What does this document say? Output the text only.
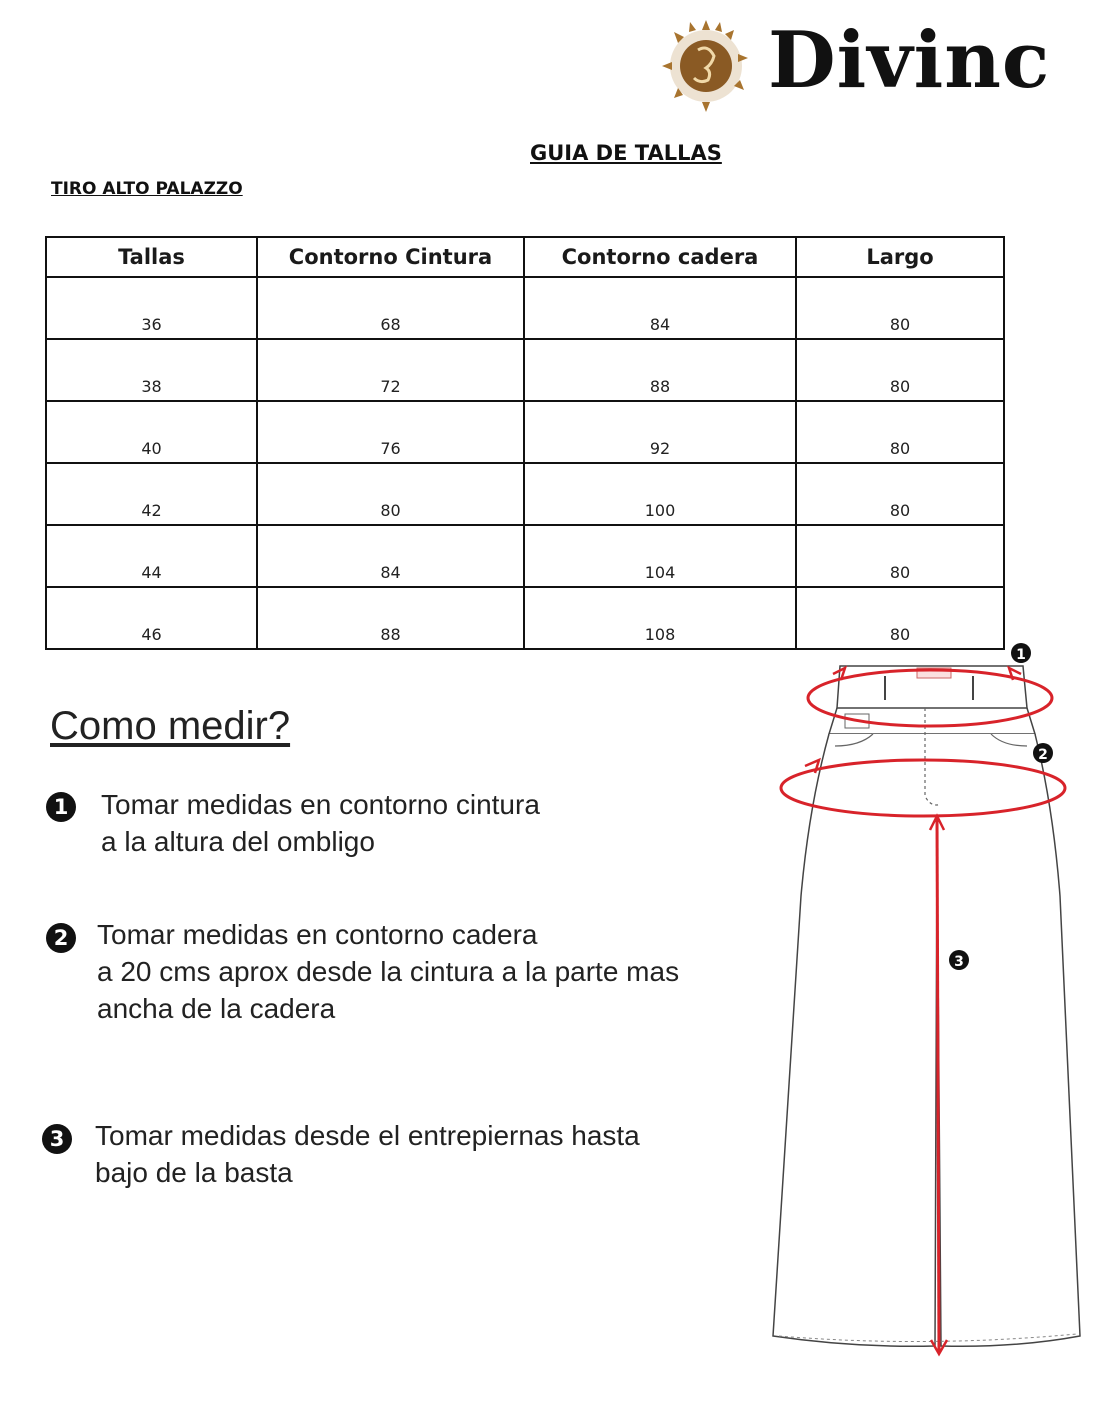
Divinc
GUIA DE TALLAS
TIRO ALTO PALAZZO
Tallas	Contorno Cintura	Contorno cadera	Largo
36	68	84	80
38	72	88	80
40	76	92	80
42	80	100	80
44	84	104	80
46	88	108	80
Como medir?
1 Tomar medidas en contorno cintura
a la altura del ombligo
2 Tomar medidas en contorno cadera
a 20 cms aprox desde la cintura a la parte mas
ancha de la cadera
3 Tomar medidas desde el entrepiernas hasta
bajo de la basta
1
2
3
